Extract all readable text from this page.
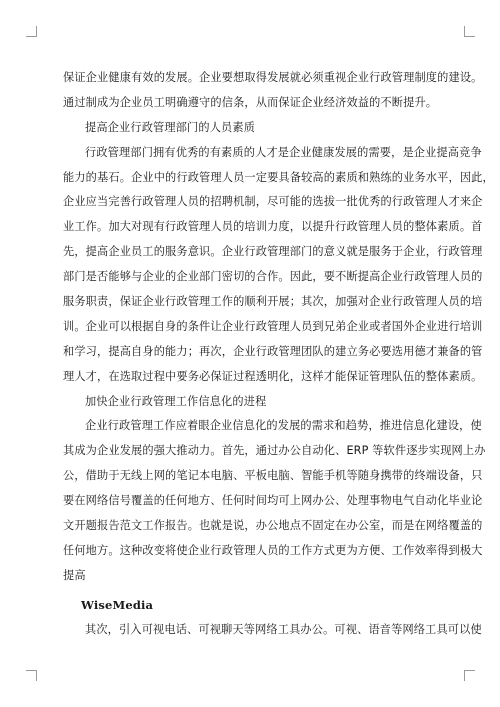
保证企业健康有效的发展。企业要想取得发展就必须重视企业行政管理制度的建设。
通过制成为企业员工明确遵守的信条，从而保证企业经济效益的不断提升。
提高企业行政管理部门的人员素质
行政管理部门拥有优秀的有素质的人才是企业健康发展的需要，是企业提高竞争
能力的基石。企业中的行政管理人员一定要具备较高的素质和熟练的业务水平，因此，
企业应当完善行政管理人员的招聘机制，尽可能的选拔一批优秀的行政管理人才来企
业工作。加大对现有行政管理人员的培训力度，以提升行政管理人员的整体素质。首
先，提高企业员工的服务意识。企业行政管理部门的意义就是服务于企业，行政管理
部门是否能够与企业的企业部门密切的合作。因此，要不断提高企业行政管理人员的
服务职责，保证企业行政管理工作的顺利开展；其次，加强对企业行政管理人员的培
训。企业可以根据自身的条件让企业行政管理人员到兄弟企业或者国外企业进行培训
和学习，提高自身的能力；再次，企业行政管理团队的建立务必要选用德才兼备的管
理人才，在选取过程中要务必保证过程透明化，这样才能保证管理队伍的整体素质。
加快企业行政管理工作信息化的进程
企业行政管理工作应着眼企业信息化的发展的需求和趋势，推进信息化建设，使
其成为企业发展的强大推动力。首先，通过办公自动化、ERP 等软件逐步实现网上办
公，借助于无线上网的笔记本电脑、平板电脑、智能手机等随身携带的终端设备，只
要在网络信号覆盖的任何地方、任何时间均可上网办公、处理事物电气自动化毕业论
文开题报告范文工作报告。也就是说，办公地点不固定在办公室，而是在网络覆盖的
任何地方。这种改变将使企业行政管理人员的工作方式更为方便、工作效率得到极大
提高
WiseMedia
其次，引入可视电话、可视聊天等网络工具办公。可视、语音等网络工具可以使
